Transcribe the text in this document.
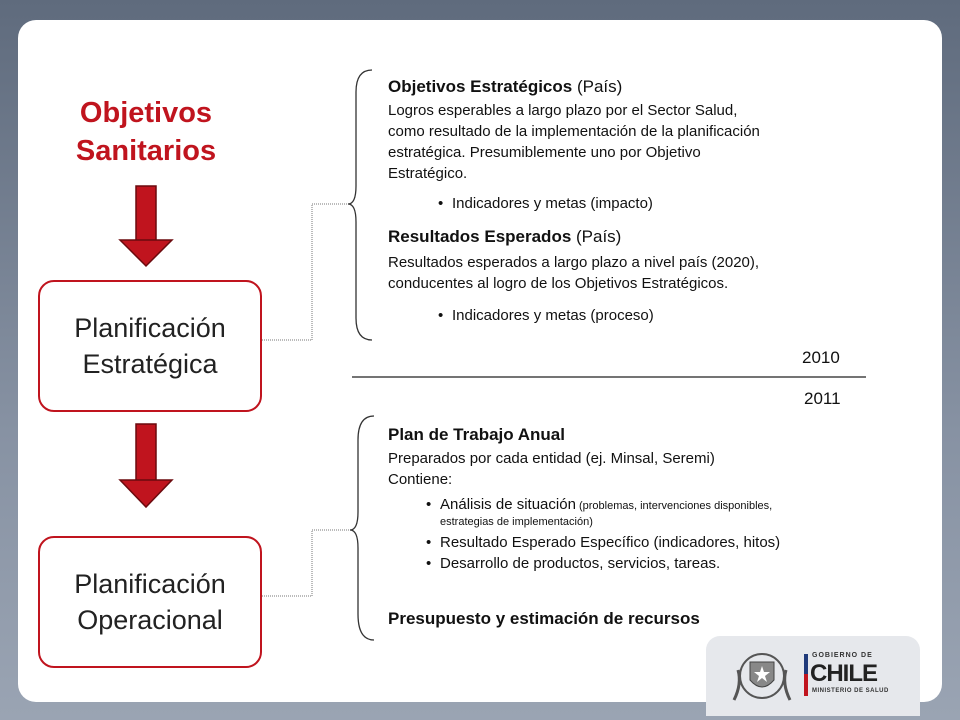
Objetivos
Sanitarios
Planificación
Estratégica
Planificación
Operacional
Objetivos Estratégicos (País)
Logros esperables a largo plazo por el Sector Salud,
como resultado de la implementación de la planificación
estratégica. Presumiblemente uno por Objetivo
Estratégico.
• Indicadores y metas (impacto)
Resultados Esperados (País)
Resultados esperados a largo plazo a nivel país (2020),
conducentes al logro de los Objetivos Estratégicos.
• Indicadores y metas (proceso)
2010
2011
Plan de Trabajo Anual
Preparados por cada entidad (ej. Minsal, Seremi)
Contiene:
• Análisis de situación (problemas, intervenciones disponibles,
estrategias de implementación)
• Resultado Esperado Específico (indicadores, hitos)
• Desarrollo de productos, servicios, tareas.
Presupuesto y estimación de recursos
GOBIERNO DE
CHILE
MINISTERIO DE SALUD
